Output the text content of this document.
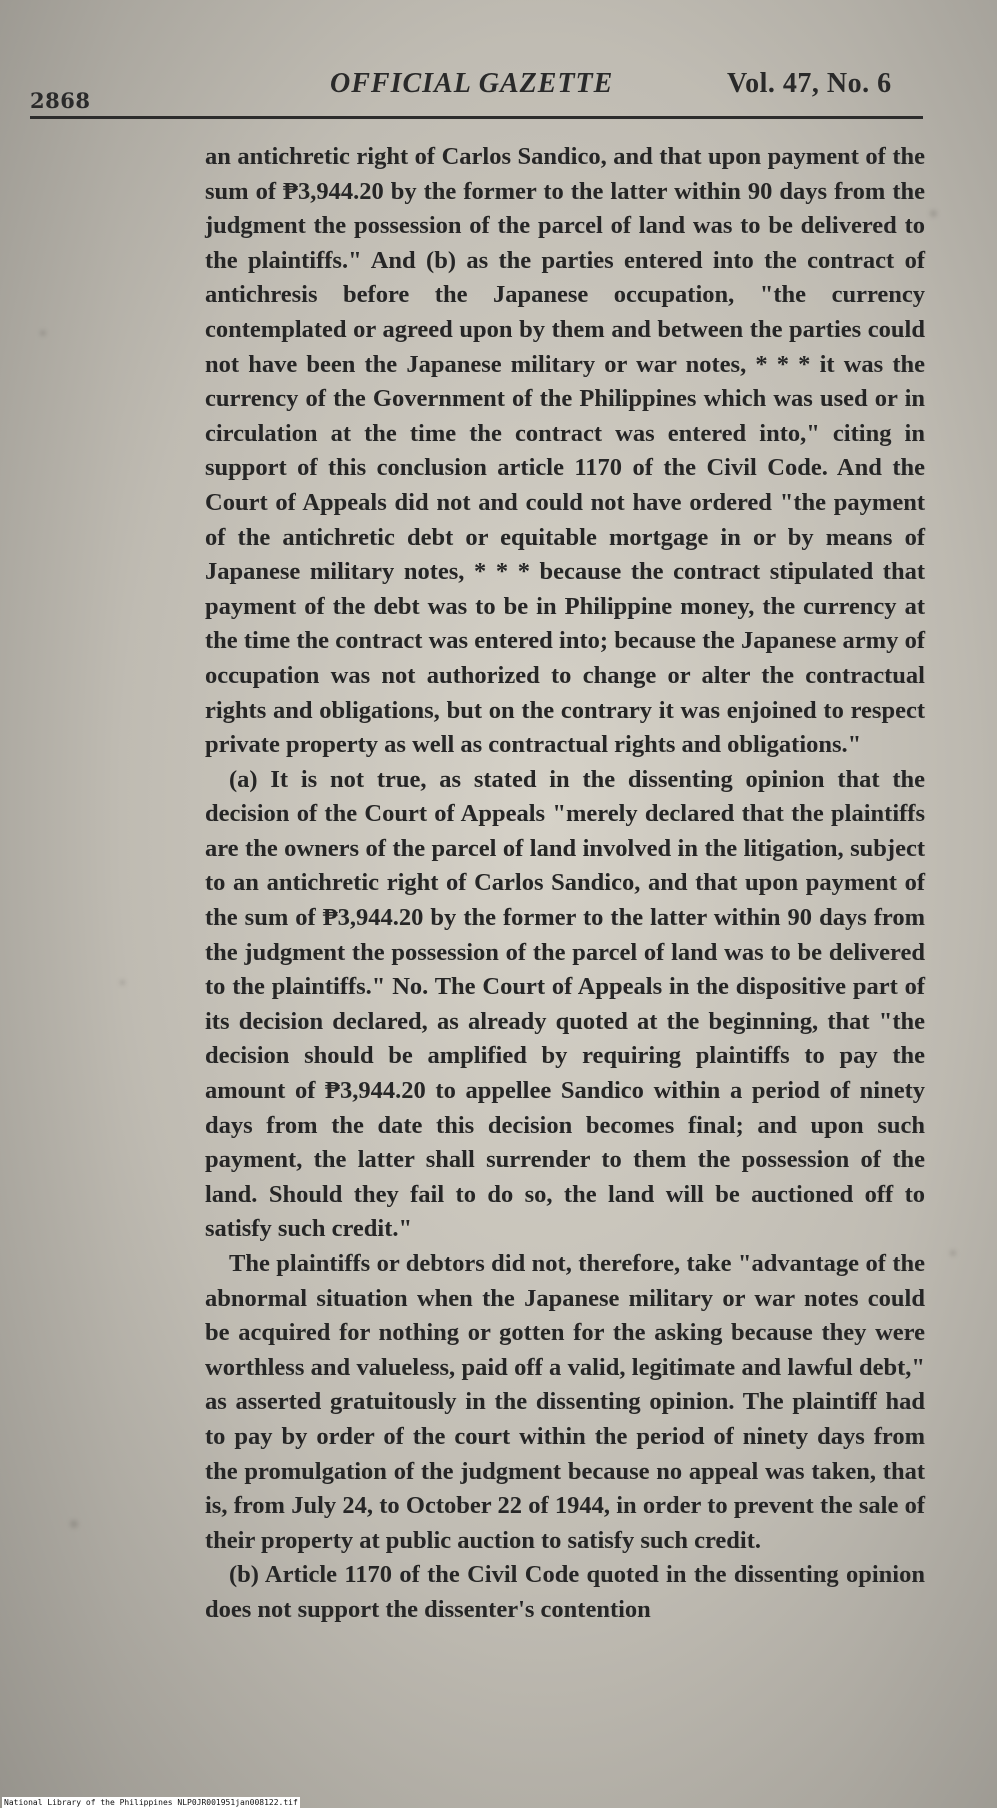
2868
OFFICIAL GAZETTE	Vol. 47, No. 6

an antichretic right of Carlos Sandico, and that upon payment of the sum of ₱3,944.20 by the former to the latter within 90 days from the judgment the possession of the parcel of land was to be delivered to the plaintiffs." And (b) as the parties entered into the contract of antichresis before the Japanese occupation, "the currency contemplated or agreed upon by them and between the parties could not have been the Japanese military or war notes, * * * it was the currency of the Government of the Philippines which was used or in circulation at the time the contract was entered into," citing in support of this conclusion article 1170 of the Civil Code. And the Court of Appeals did not and could not have ordered "the payment of the antichretic debt or equitable mortgage in or by means of Japanese military notes, * * * because the contract stipulated that payment of the debt was to be in Philippine money, the currency at the time the contract was entered into; because the Japanese army of occupation was not authorized to change or alter the contractual rights and obligations, but on the contrary it was enjoined to respect private property as well as contractual rights and obligations."

(a) It is not true, as stated in the dissenting opinion that the decision of the Court of Appeals "merely declared that the plaintiffs are the owners of the parcel of land involved in the litigation, subject to an antichretic right of Carlos Sandico, and that upon payment of the sum of ₱3,944.20 by the former to the latter within 90 days from the judgment the possession of the parcel of land was to be delivered to the plaintiffs." No. The Court of Appeals in the dispositive part of its decision declared, as already quoted at the beginning, that "the decision should be amplified by requiring plaintiffs to pay the amount of ₱3,944.20 to appellee Sandico within a period of ninety days from the date this decision becomes final; and upon such payment, the latter shall surrender to them the possession of the land. Should they fail to do so, the land will be auctioned off to satisfy such credit."

The plaintiffs or debtors did not, therefore, take "advantage of the abnormal situation when the Japanese military or war notes could be acquired for nothing or gotten for the asking because they were worthless and valueless, paid off a valid, legitimate and lawful debt," as asserted gratuitously in the dissenting opinion. The plaintiff had to pay by order of the court within the period of ninety days from the promulgation of the judgment because no appeal was taken, that is, from July 24, to October 22 of 1944, in order to prevent the sale of their property at public auction to satisfy such credit.

(b) Article 1170 of the Civil Code quoted in the dissenting opinion does not support the dissenter's contention

National Library of the Philippines NLP0JR001951jan008122.tif
